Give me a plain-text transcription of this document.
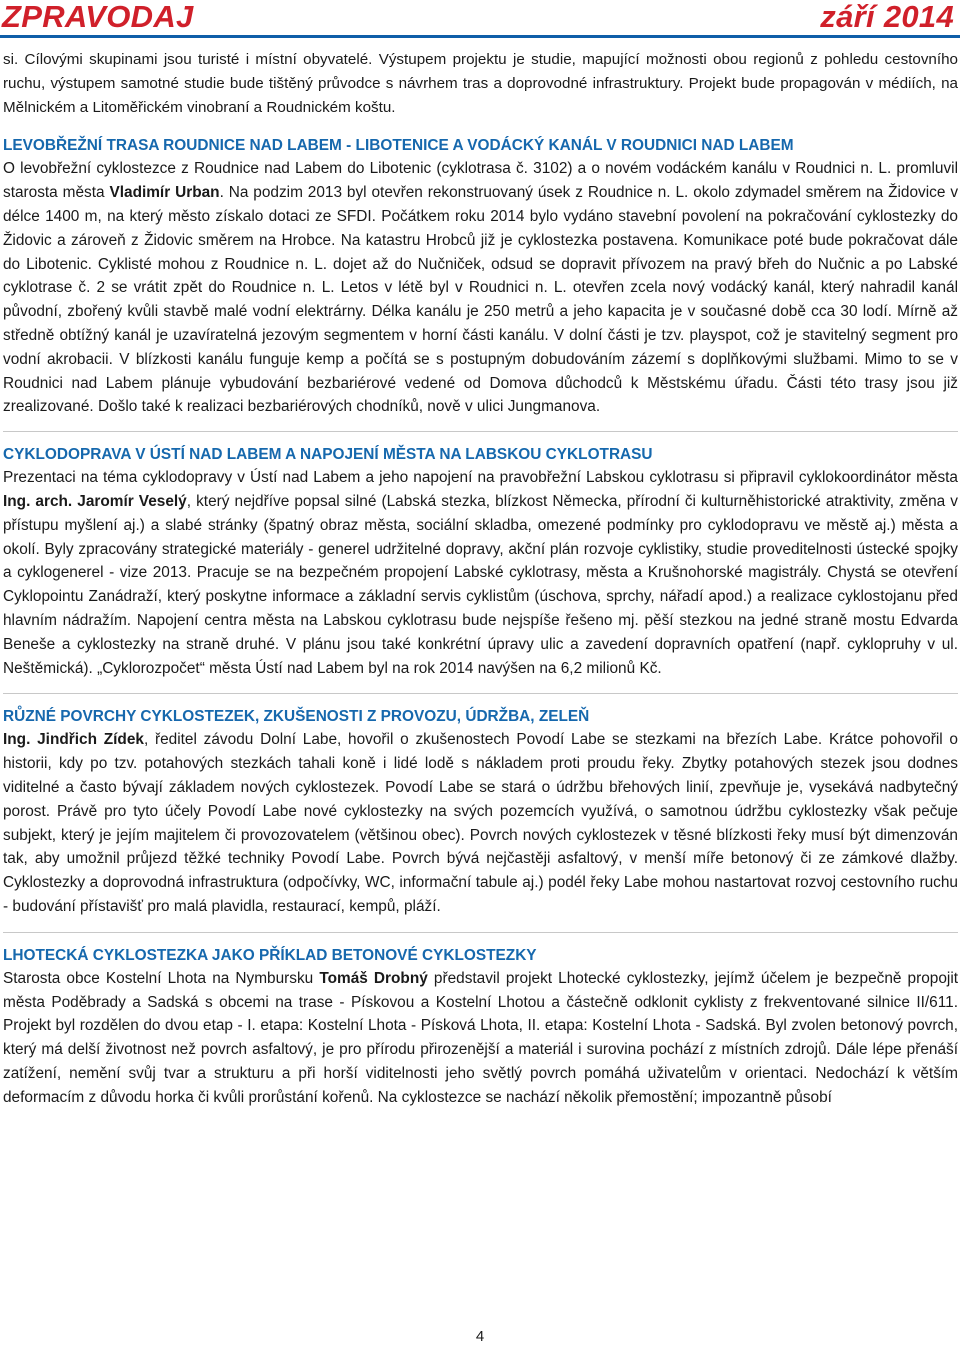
ZPRAVODAJ	září 2014

si. Cílovými skupinami jsou turisté i místní obyvatelé. Výstupem projektu je studie, mapující možnosti obou regionů z pohledu cestovního ruchu, výstupem samotné studie bude tištěný průvodce s návrhem tras a doprovodné infrastruktury. Projekt bude propagován v médiích, na Mělnickém a Litoměřickém vinobraní a Roudnickém koštu.

LEVOBŘEŽNÍ TRASA ROUDNICE NAD LABEM - LIBOTENICE A VODÁCKÝ KANÁL V ROUDNICI NAD LABEM

O levobřežní cyklostezce z Roudnice nad Labem do Libotenic (cyklotrasa č. 3102) a o novém vodáckém kanálu v Roudnici n. L. promluvil starosta města Vladimír Urban. Na podzim 2013 byl otevřen rekonstruovaný úsek z Roudnice n. L. okolo zdymadel směrem na Židovice v délce 1400 m, na který město získalo dotaci ze SFDI. Počátkem roku 2014 bylo vydáno stavební povolení na pokračování cyklostezky do Židovic a zároveň z Židovic směrem na Hrobce. Na katastru Hrobců již je cyklostezka postavena. Komunikace poté bude pokračovat dále do Libotenic. Cyklisté mohou z Roudnice n. L. dojet až do Nučniček, odsud se dopravit přívozem na pravý břeh do Nučnic a po Labské cyklotrase č. 2 se vrátit zpět do Roudnice n. L. Letos v létě byl v Roudnici n. L. otevřen zcela nový vodácký kanál, který nahradil kanál původní, zbořený kvůli stavbě malé vodní elektrárny. Délka kanálu je 250 metrů a jeho kapacita je v současné době cca 30 lodí. Mírně až středně obtížný kanál je uzavíratelná jezovým segmentem v horní části kanálu. V dolní části je tzv. playspot, což je stavitelný segment pro vodní akrobacii. V blízkosti kanálu funguje kemp a počítá se s postupným dobudováním zázemí s doplňkovými službami. Mimo to se v Roudnici nad Labem plánuje vybudování bezbariérové vedené od Domova důchodců k Městskému úřadu. Části této trasy jsou již zrealizované. Došlo také k realizaci bezbariérových chodníků, nově v ulici Jungmanova.

CYKLODOPRAVA V ÚSTÍ NAD LABEM A NAPOJENÍ MĚSTA NA LABSKOU CYKLOTRASU

Prezentaci na téma cyklodopravy v Ústí nad Labem a jeho napojení na pravobřežní Labskou cyklotrasu si připravil cyklokoordinátor města Ing. arch. Jaromír Veselý, který nejdříve popsal silné (Labská stezka, blízkost Německa, přírodní či kulturněhistorické atraktivity, změna v přístupu myšlení aj.) a slabé stránky (špatný obraz města, sociální skladba, omezené podmínky pro cyklodopravu ve městě aj.) města a okolí. Byly zpracovány strategické materiály - generel udržitelné dopravy, akční plán rozvoje cyklistiky, studie proveditelnosti ústecké spojky a cyklogenerel - vize 2013. Pracuje se na bezpečném propojení Labské cyklotrasy, města a Krušnohorské magistrály. Chystá se otevření Cyklopointu Zanádraží, který poskytne informace a základní servis cyklistům (úschova, sprchy, nářadí apod.) a realizace cyklostojanu před hlavním nádražím. Napojení centra města na Labskou cyklotrasu bude nejspíše řešeno mj. pěší stezkou na jedné straně mostu Edvarda Beneše a cyklostezky na straně druhé. V plánu jsou také konkrétní úpravy ulic a zavedení dopravních opatření (např. cyklopruhy v ul. Neštěmická). „Cyklorozpočet“ města Ústí nad Labem byl na rok 2014 navýšen na 6,2 milionů Kč.

RŮZNÉ POVRCHY CYKLOSTEZEK, ZKUŠENOSTI Z PROVOZU, ÚDRŽBA, ZELEŇ

Ing. Jindřich Zídek, ředitel závodu Dolní Labe, hovořil o zkušenostech Povodí Labe se stezkami na březích Labe. Krátce pohovořil o historii, kdy po tzv. potahových stezkách tahali koně i lidé lodě s nákladem proti proudu řeky. Zbytky potahových stezek jsou dodnes viditelné a často bývají základem nových cyklostezek. Povodí Labe se stará o údržbu břehových linií, zpevňuje je, vysekává nadbytečný porost. Právě pro tyto účely Povodí Labe nové cyklostezky na svých pozemcích využívá, o samotnou údržbu cyklostezky však pečuje subjekt, který je jejím majitelem či provozovatelem (většinou obec). Povrch nových cyklostezek v těsné blízkosti řeky musí být dimenzován tak, aby umožnil průjezd těžké techniky Povodí Labe. Povrch bývá nejčastěji asfaltový, v menší míře betonový či ze zámkové dlažby. Cyklostezky a doprovodná infrastruktura (odpočívky, WC, informační tabule aj.) podél řeky Labe mohou nastartovat rozvoj cestovního ruchu - budování přístavišť pro malá plavidla, restaurací, kempů, pláží.

LHOTECKÁ CYKLOSTEZKA JAKO PŘÍKLAD BETONOVÉ CYKLOSTEZKY

Starosta obce Kostelní Lhota na Nymbursku Tomáš Drobný představil projekt Lhotecké cyklostezky, jejímž účelem je bezpečně propojit města Poděbrady a Sadská s obcemi na trase - Pískovou a Kostelní Lhotou a částečně odklonit cyklisty z frekventované silnice II/611. Projekt byl rozdělen do dvou etap - I. etapa: Kostelní Lhota - Písková Lhota, II. etapa: Kostelní Lhota - Sadská. Byl zvolen betonový povrch, který má delší životnost než povrch asfaltový, je pro přírodu přirozenější a materiál i surovina pochází z místních zdrojů. Dále lépe přenáší zatížení, nemění svůj tvar a strukturu a při horší viditelnosti jeho světlý povrch pomáhá uživatelům v orientaci. Nedochází k větším deformacím z důvodu horka či kvůli prorůstání kořenů. Na cyklostezce se nachází několik přemostění; impozantně působí

4
